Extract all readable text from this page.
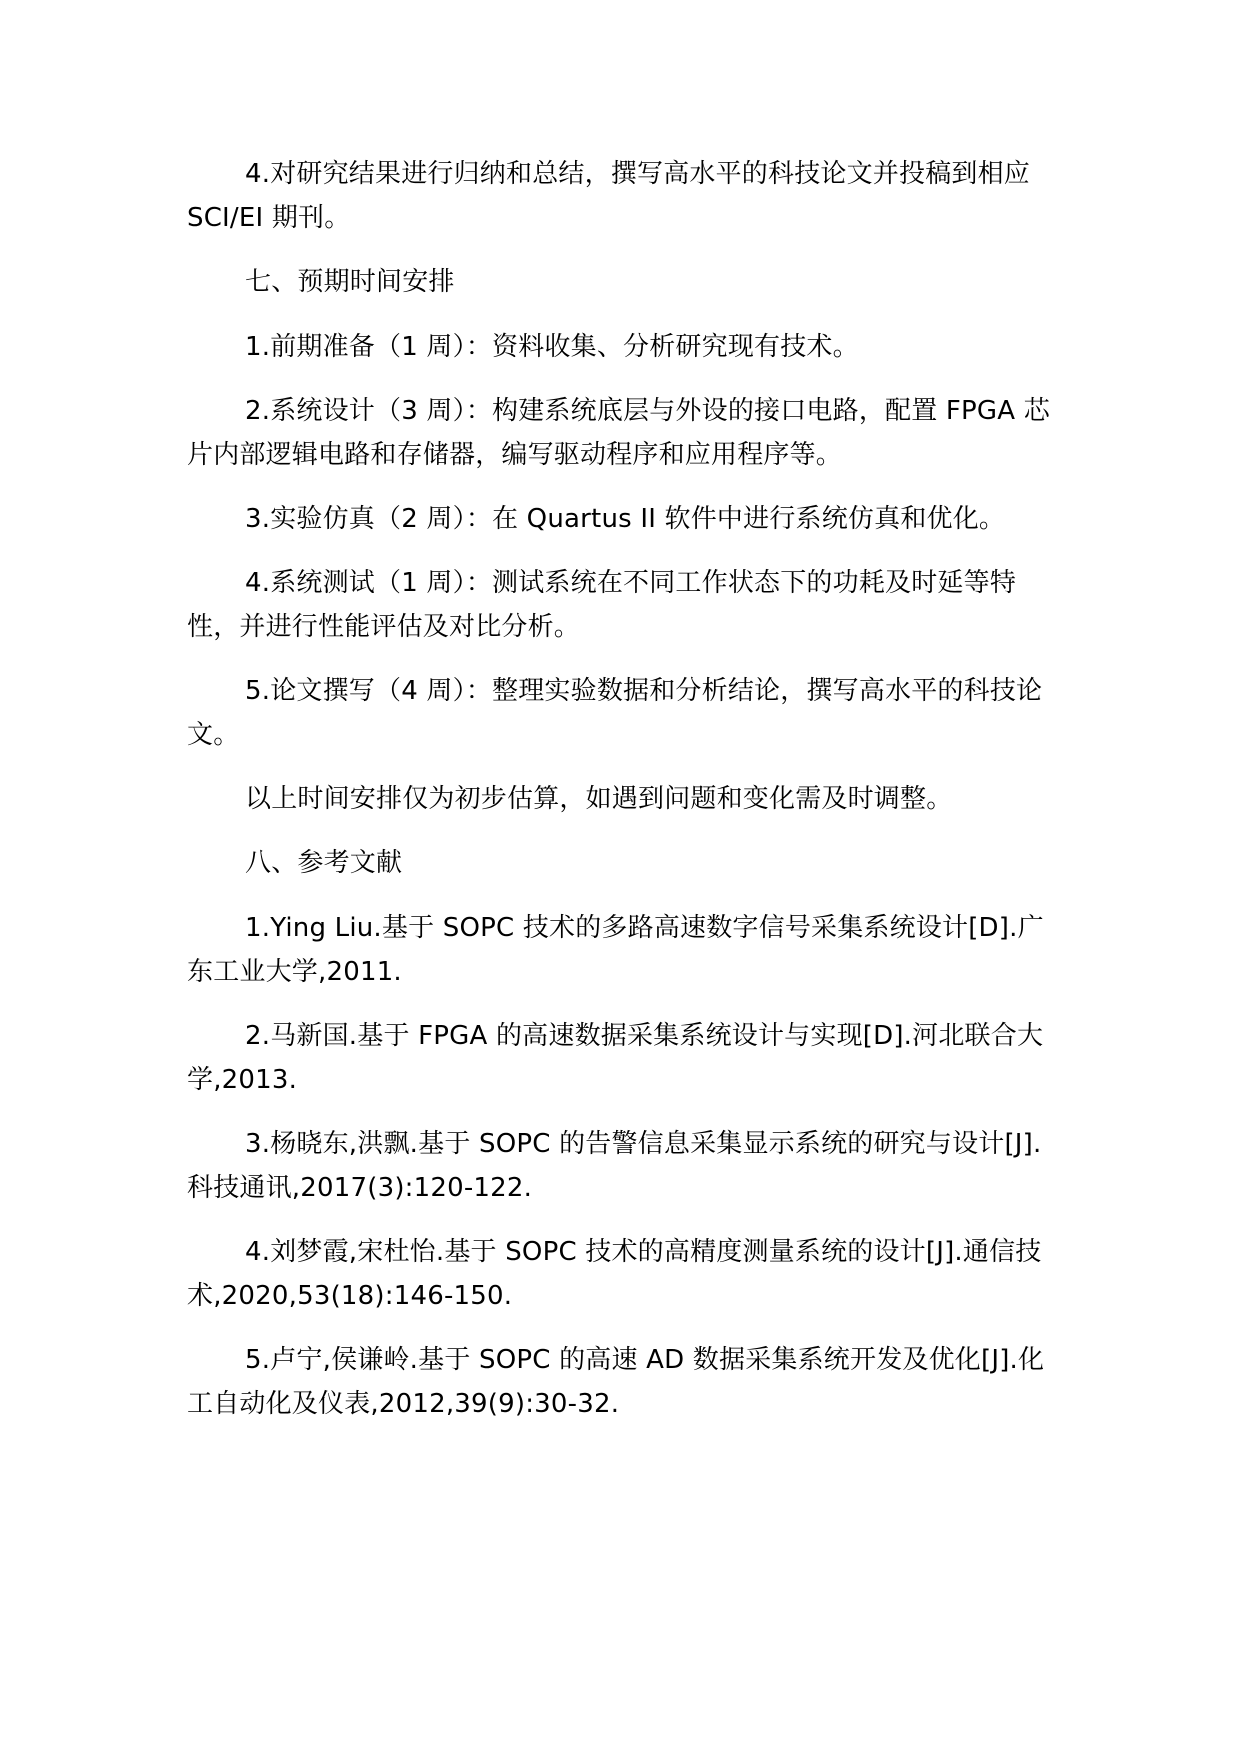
4.对研究结果进行归纳和总结，撰写高水平的科技论文并投稿到相应 SCI/EI 期刊。

七、预期时间安排

1.前期准备（1 周）：资料收集、分析研究现有技术。

2.系统设计（3 周）：构建系统底层与外设的接口电路，配置 FPGA 芯片内部逻辑电路和存储器，编写驱动程序和应用程序等。

3.实验仿真（2 周）：在 Quartus II 软件中进行系统仿真和优化。

4.系统测试（1 周）：测试系统在不同工作状态下的功耗及时延等特性，并进行性能评估及对比分析。

5.论文撰写（4 周）：整理实验数据和分析结论，撰写高水平的科技论文。

以上时间安排仅为初步估算，如遇到问题和变化需及时调整。

八、参考文献

1.Ying Liu.基于 SOPC 技术的多路高速数字信号采集系统设计[D].广东工业大学,2011.

2.马新国.基于 FPGA 的高速数据采集系统设计与实现[D].河北联合大学,2013.

3.杨晓东,洪飘.基于 SOPC 的告警信息采集显示系统的研究与设计[J].科技通讯,2017(3):120-122.

4.刘梦霞,宋杜怡.基于 SOPC 技术的高精度测量系统的设计[J].通信技术,2020,53(18):146-150.

5.卢宁,侯谦岭.基于 SOPC 的高速 AD 数据采集系统开发及优化[J].化工自动化及仪表,2012,39(9):30-32.
